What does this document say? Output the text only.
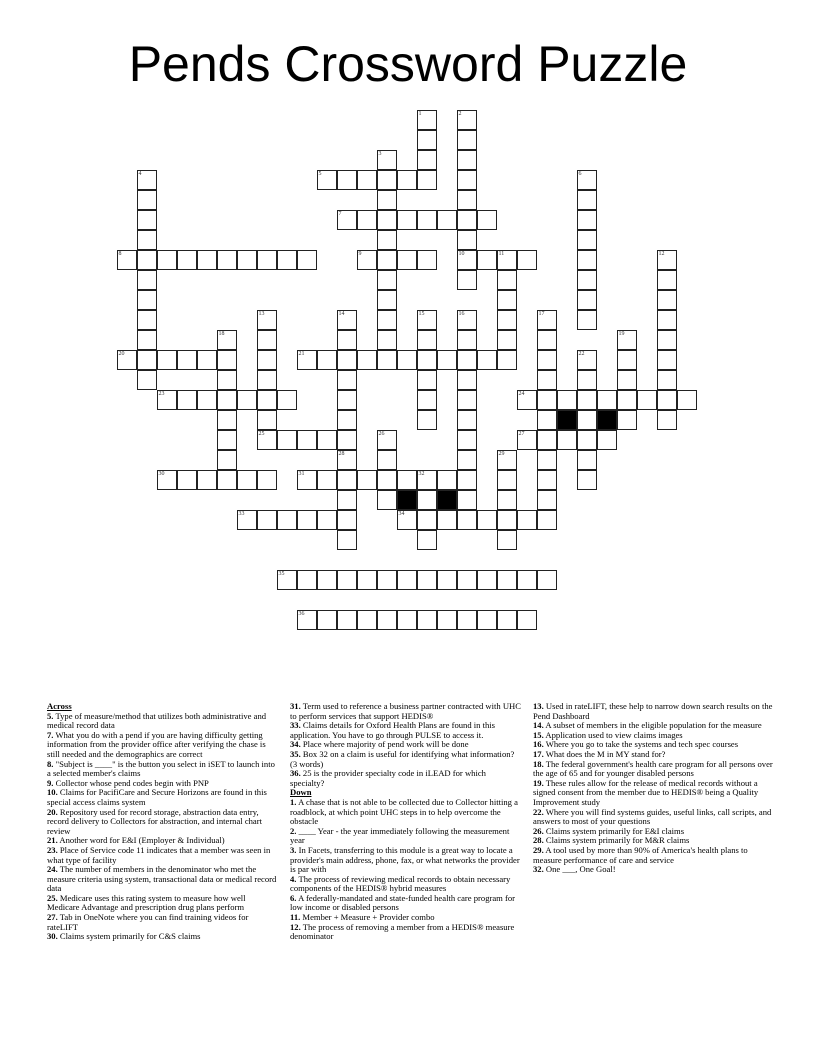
Pends Crossword Puzzle
1	2
10
3
4	5	6
7
8	9	11	12
13
25
14	15	16	17
18	19
20	21	22
23	24
26	27
28	29
30	31	32
33	34
35
36
Across
5. Type of measure/method that utilizes both administrative and medical record data
7. What you do with a pend if you are having difficulty getting information from the provider office after verifying the chase is still needed and the demographics are correct
8. "Subject is ____" is the button you select in iSET to launch into a selected member's claims
9. Collector whose pend codes begin with PNP
10. Claims for PacifiCare and Secure Horizons are found in this special access claims system
20. Repository used for record storage, abstraction data entry, record delivery to Collectors for abstraction, and internal chart review
21. Another word for E&I (Employer & Individual)
23. Place of Service code 11 indicates that a member was seen in what type of facility
24. The number of members in the denominator who met the measure criteria using system, transactional data or medical record data
25. Medicare uses this rating system to measure how well Medicare Advantage and prescription drug plans perform
27. Tab in OneNote where you can find training videos for rateLIFT
30. Claims system primarily for C&S claims
31. Term used to reference a business partner contracted with UHC to perform services that support HEDIS®
33. Claims details for Oxford Health Plans are found in this application. You have to go through PULSE to access it.
34. Place where majority of pend work will be done
35. Box 32 on a claim is useful for identifying what information? (3 words)
36. 25 is the provider specialty code in iLEAD for which specialty?
Down
1. A chase that is not able to be collected due to Collector hitting a roadblock, at which point UHC steps in to help overcome the obstacle
2. ____ Year - the year immediately following the measurement year
3. In Facets, transferring to this module is a great way to locate a provider's main address, phone, fax, or what networks the provider is par with
4. The process of reviewing medical records to obtain necessary components of the HEDIS® hybrid measures
6. A federally-mandated and state-funded health care program for low income or disabled persons
11. Member + Measure + Provider combo
12. The process of removing a member from a HEDIS® measure denominator
13. Used in rateLIFT, these help to narrow down search results on the Pend Dashboard
14. A subset of members in the eligible population for the measure
15. Application used to view claims images
16. Where you go to take the systems and tech spec courses
17. What does the M in MY stand for?
18. The federal government's health care program for all persons over the age of 65 and for younger disabled persons
19. These rules allow for the release of medical records without a signed consent from the member due to HEDIS® being a Quality Improvement study
22. Where you will find systems guides, useful links, call scripts, and answers to most of your questions
26. Claims system primarily for E&I claims
28. Claims system primarily for M&R claims
29. A tool used by more than 90% of America's health plans to measure performance of care and service
32. One ___, One Goal!
